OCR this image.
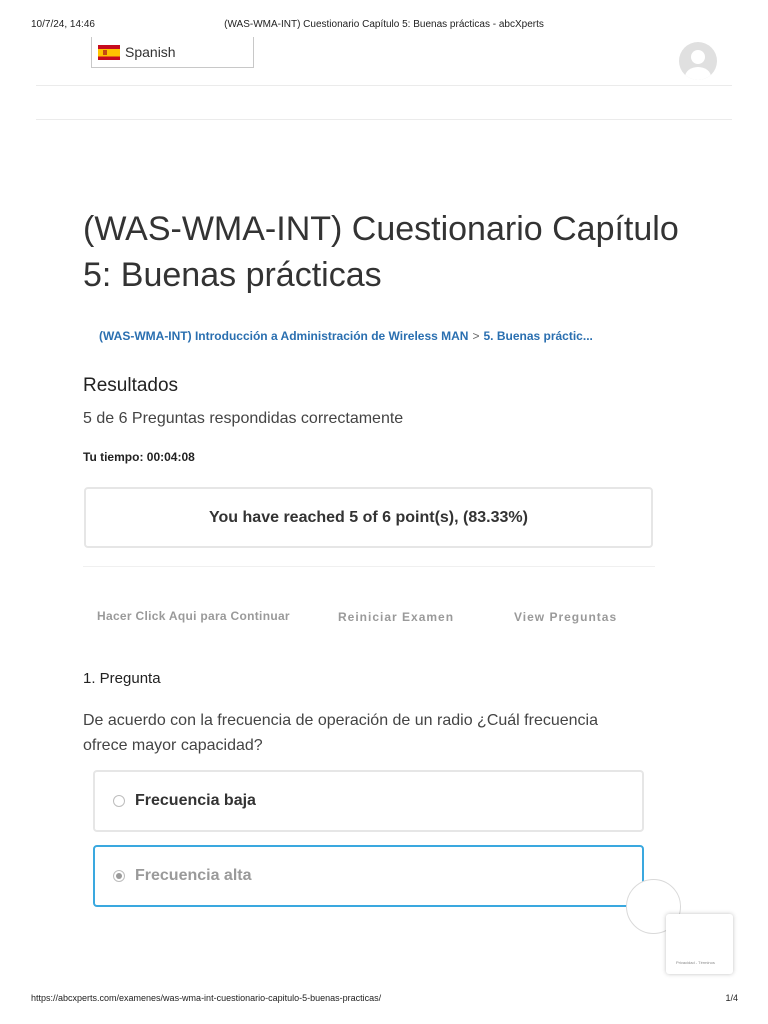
10/7/24, 14:46	(WAS-WMA-INT) Cuestionario Capítulo 5: Buenas prácticas - abcXperts
Spanish
(WAS-WMA-INT) Cuestionario Capítulo 5: Buenas prácticas
(WAS-WMA-INT) Introducción a Administración de Wireless MAN > 5. Buenas práctic...
Resultados
5 de 6 Preguntas respondidas correctamente
Tu tiempo: 00:04:08
You have reached 5 of 6 point(s), (83.33%)
Hacer Click Aqui para Continuar	Reiniciar Examen	View Preguntas
1. Pregunta
De acuerdo con la frecuencia de operación de un radio ¿Cuál frecuencia ofrece mayor capacidad?
Frecuencia baja
Frecuencia alta
Privacidad - Términos
https://abcxperts.com/examenes/was-wma-int-cuestionario-capitulo-5-buenas-practicas/	1/4
